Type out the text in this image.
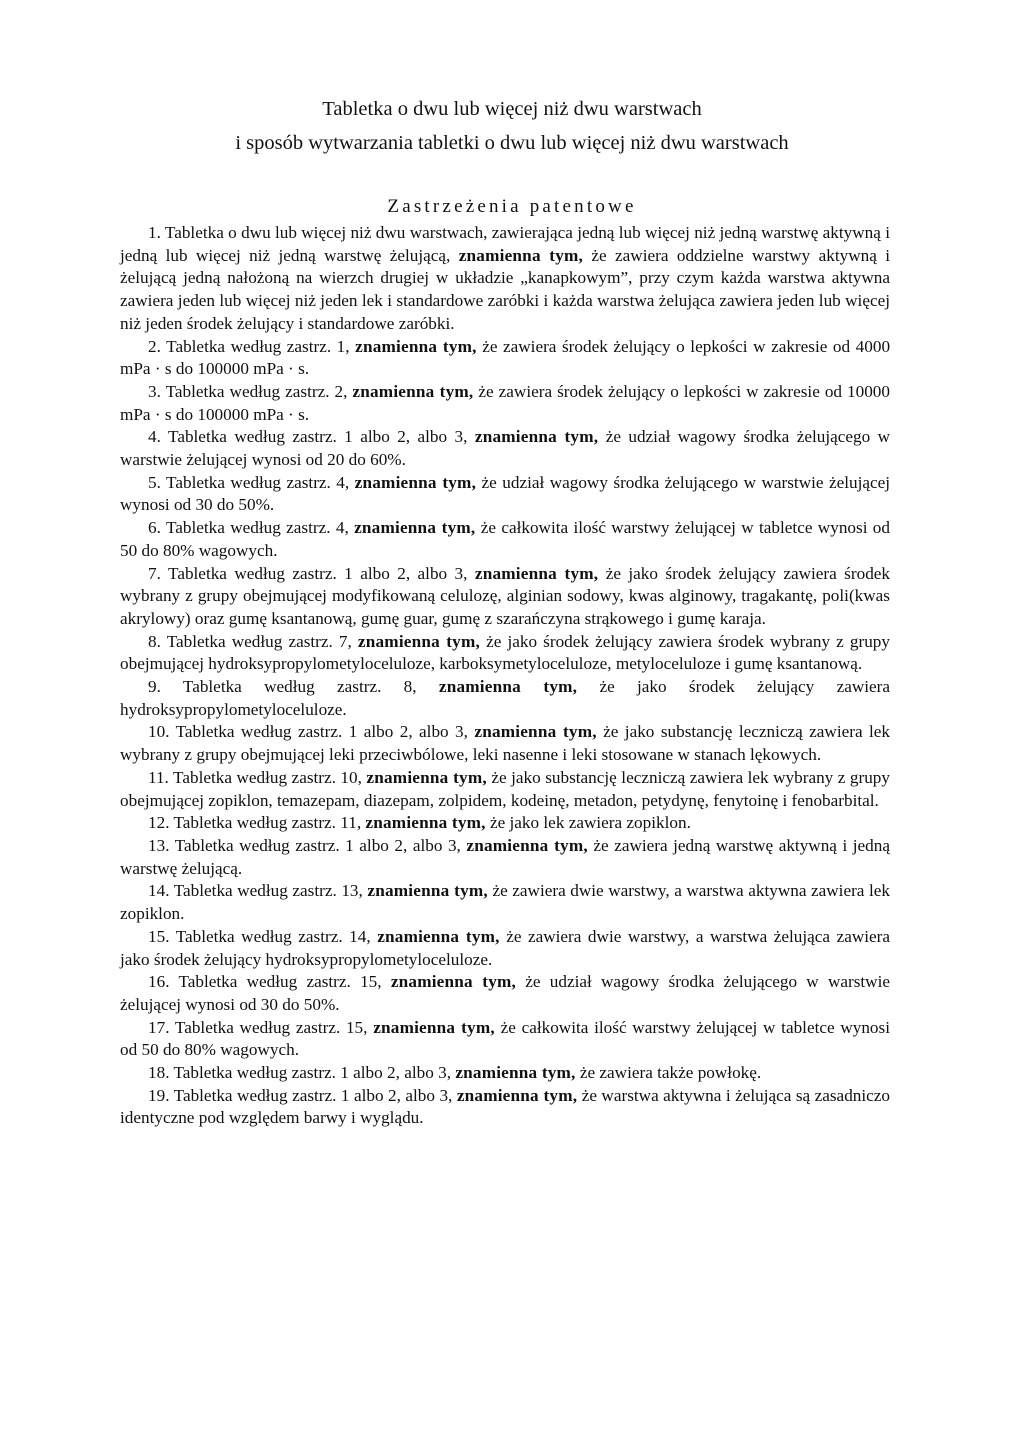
Tabletka o dwu lub więcej niż dwu warstwach
i sposób wytwarzania tabletki o dwu lub więcej niż dwu warstwach
Zastrzeżenia patentowe

1. Tabletka o dwu lub więcej niż dwu warstwach, zawierająca jedną lub więcej niż jedną warstwę aktywną i jedną lub więcej niż jedną warstwę żelującą, znamienna tym, że zawiera oddzielne warstwy aktywną i żelującą jedną nałożoną na wierzch drugiej w układzie „kanapkowym”, przy czym każda warstwa aktywna zawiera jeden lub więcej niż jeden lek i standardowe zaróbki i każda warstwa żelująca zawiera jeden lub więcej niż jeden środek żelujący i standardowe zaróbki.

2. Tabletka według zastrz. 1, znamienna tym, że zawiera środek żelujący o lepkości w zakresie od 4000 mPa · s do 100000 mPa · s.

3. Tabletka według zastrz. 2, znamienna tym, że zawiera środek żelujący o lepkości w zakresie od 10000 mPa · s do 100000 mPa · s.

4. Tabletka według zastrz. 1 albo 2, albo 3, znamienna tym, że udział wagowy środka żelującego w warstwie żelującej wynosi od 20 do 60%.

5. Tabletka według zastrz. 4, znamienna tym, że udział wagowy środka żelującego w warstwie żelującej wynosi od 30 do 50%.

6. Tabletka według zastrz. 4, znamienna tym, że całkowita ilość warstwy żelującej w tabletce wynosi od 50 do 80% wagowych.

7. Tabletka według zastrz. 1 albo 2, albo 3, znamienna tym, że jako środek żelujący zawiera środek wybrany z grupy obejmującej modyfikowaną celulozę, alginian sodowy, kwas alginowy, tragakantę, poli(kwas akrylowy) oraz gumę ksantanową, gumę guar, gumę z szarańczyna strąkowego i gumę karaja.

8. Tabletka według zastrz. 7, znamienna tym, że jako środek żelujący zawiera środek wybrany z grupy obejmującej hydroksypropylometyloceluloze, karboksymetyloceluloze, metyloceluloze i gumę ksantanową.

9. Tabletka według zastrz. 8, znamienna tym, że jako środek żelujący zawiera hydroksypropylometyloceluloze.

10. Tabletka według zastrz. 1 albo 2, albo 3, znamienna tym, że jako substancję leczniczą zawiera lek wybrany z grupy obejmującej leki przeciwbólowe, leki nasenne i leki stosowane w stanach lękowych.

11. Tabletka według zastrz. 10, znamienna tym, że jako substancję leczniczą zawiera lek wybrany z grupy obejmującej zopiklon, temazepam, diazepam, zolpidem, kodeinę, metadon, petydynę, fenytoinę i fenobarbital.

12. Tabletka według zastrz. 11, znamienna tym, że jako lek zawiera zopiklon.

13. Tabletka według zastrz. 1 albo 2, albo 3, znamienna tym, że zawiera jedną warstwę aktywną i jedną warstwę żelującą.

14. Tabletka według zastrz. 13, znamienna tym, że zawiera dwie warstwy, a warstwa aktywna zawiera lek zopiklon.

15. Tabletka według zastrz. 14, znamienna tym, że zawiera dwie warstwy, a warstwa żelująca zawiera jako środek żelujący hydroksypropylometyloceluloze.

16. Tabletka według zastrz. 15, znamienna tym, że udział wagowy środka żelującego w warstwie żelującej wynosi od 30 do 50%.

17. Tabletka według zastrz. 15, znamienna tym, że całkowita ilość warstwy żelującej w tabletce wynosi od 50 do 80% wagowych.

18. Tabletka według zastrz. 1 albo 2, albo 3, znamienna tym, że zawiera także powłokę.

19. Tabletka według zastrz. 1 albo 2, albo 3, znamienna tym, że warstwa aktywna i żelująca są zasadniczo identyczne pod względem barwy i wyglądu.
